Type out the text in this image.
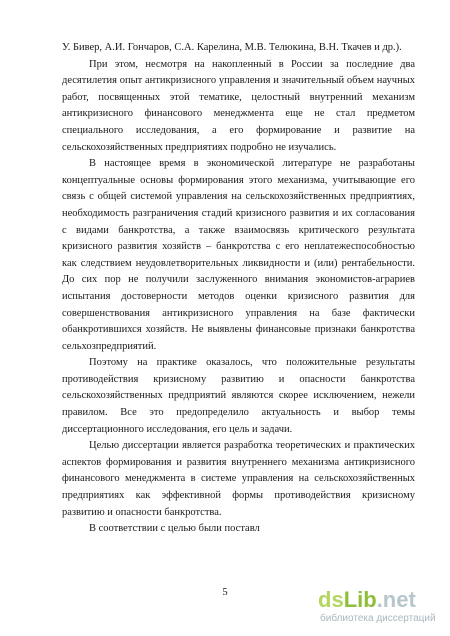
У. Бивер, А.И. Гончаров, С.А. Карелина, М.В. Телюкина, В.Н. Ткачев и др.).

При этом, несмотря на накопленный в России за последние два десятилетия опыт антикризисного управления и значительный объем научных работ, посвященных этой тематике, целостный внутренний механизм антикризисного финансового менеджмента еще не стал предметом специального исследования, а его формирование и развитие на сельскохозяйственных предприятиях подробно не изучались.

В настоящее время в экономической литературе не разработаны концептуальные основы формирования этого механизма, учитывающие его связь с общей системой управления на сельскохозяйственных предприятиях, необходимость разграничения стадий кризисного развития и их согласования с видами банкротства, а также взаимосвязь критического результата кризисного развития хозяйств – банкротства с его неплатежеспособностью как следствием неудовлетворительных ликвидности и (или) рентабельности. До сих пор не получили заслуженного внимания экономистов-аграриев испытания достоверности методов оценки кризисного развития для совершенствования антикризисного управления на базе фактически обанкротившихся хозяйств. Не выявлены финансовые признаки банкротства сельхозпредприятий.

Поэтому на практике оказалось, что положительные результаты противодействия кризисному развитию и опасности банкротства сельскохозяйственных предприятий являются скорее исключением, нежели правилом. Все это предопределило актуальность и выбор темы диссертационного исследования, его цель и задачи.

Целью диссертации является разработка теоретических и практических аспектов формирования и развития внутреннего механизма антикризисного финансового менеджмента в системе управления на сельскохозяйственных предприятиях как эффективной формы противодействия кризисному развитию и опасности банкротства.

В соответствии с целью были поставл

5	dsLib.net
библиотека диссертаций
